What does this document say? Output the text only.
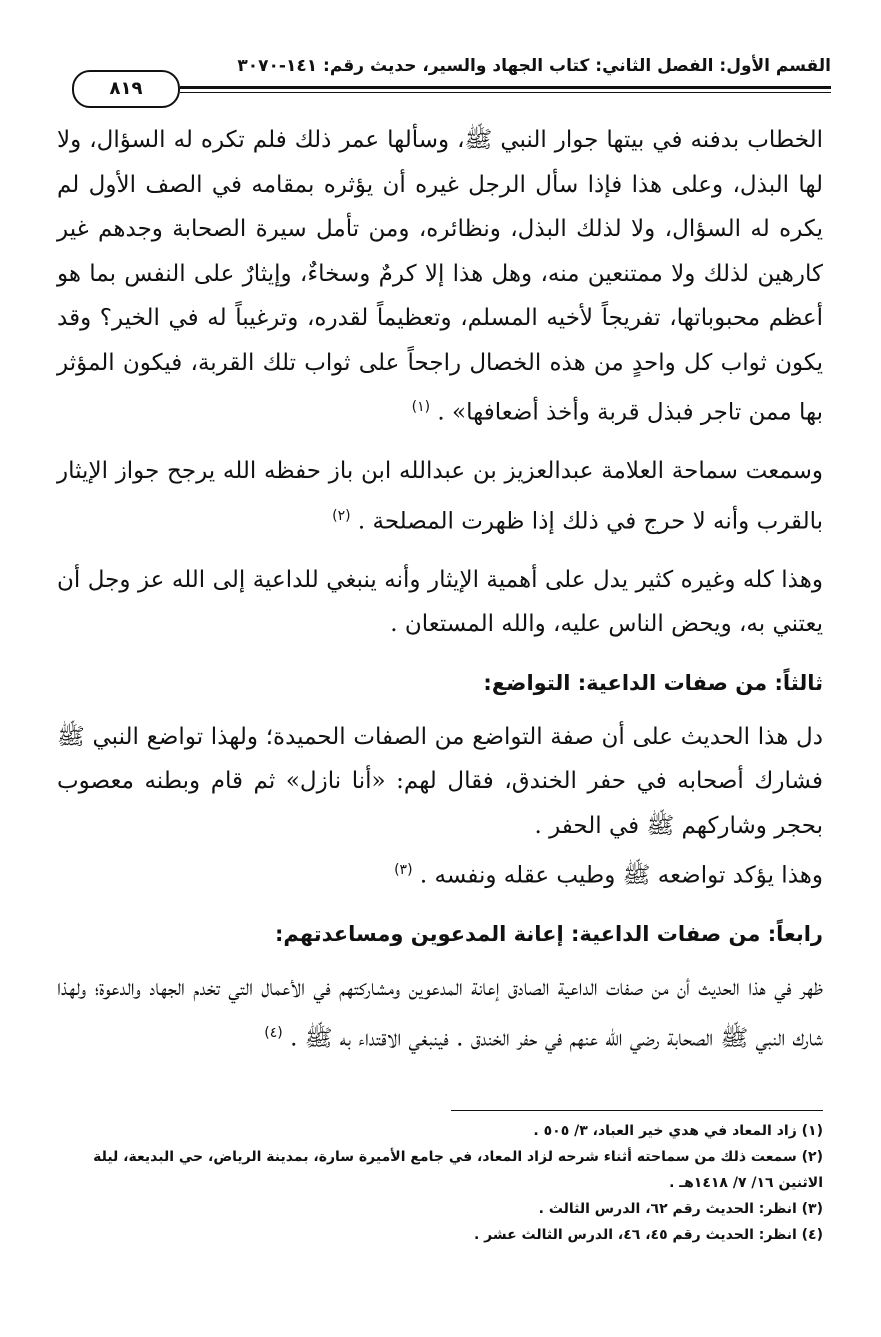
القسم الأول: الفصل الثاني: كتاب الجهاد والسير، حديث رقم: ١٤١-٣٠٧٠
٨١٩

الخطاب بدفنه في بيتها جوار النبي ﷺ، وسألها عمر ذلك فلم تكره له السؤال، ولا لها البذل، وعلى هذا فإذا سأل الرجل غيره أن يؤثره بمقامه في الصف الأول لم يكره له السؤال، ولا لذلك البذل، ونظائره، ومن تأمل سيرة الصحابة وجدهم غير كارهين لذلك ولا ممتنعين منه، وهل هذا إلا كرمٌ وسخاءٌ، وإيثارٌ على النفس بما هو أعظم محبوباتها، تفريجاً لأخيه المسلم، وتعظيماً لقدره، وترغيباً له في الخير؟ وقد يكون ثواب كل واحدٍ من هذه الخصال راجحاً على ثواب تلك القربة، فيكون المؤثر بها ممن تاجر فبذل قربة وأخذ أضعافها» . $^{(١)}$

وسمعت سماحة العلامة عبدالعزيز بن عبدالله ابن باز حفظه الله يرجح جواز الإيثار بالقرب وأنه لا حرج في ذلك إذا ظهرت المصلحة . $^{(٢)}$

وهذا كله وغيره كثير يدل على أهمية الإيثار وأنه ينبغي للداعية إلى الله عز وجل أن يعتني به، ويحض الناس عليه، والله المستعان .

ثالثاً: من صفات الداعية: التواضع:

دل هذا الحديث على أن صفة التواضع من الصفات الحميدة؛ ولهذا تواضع النبي ﷺ فشارك أصحابه في حفر الخندق، فقال لهم: «أنا نازل» ثم قام وبطنه معصوب بحجر وشاركهم ﷺ في الحفر .

وهذا يؤكد تواضعه ﷺ وطيب عقله ونفسه . $^{(٣)}$

رابعاً: من صفات الداعية: إعانة المدعوين ومساعدتهم:

ظهر في هذا الحديث أن من صفات الداعية الصادق إعانة المدعوين ومشاركتهم في الأعمال التي تخدم الجهاد والدعوة؛ ولهذا شارك النبي ﷺ الصحابة رضي الله عنهم في حفر الخندق . فينبغي الاقتداء به ﷺ . $^{(٤)}$

(١) زاد المعاد في هدي خير العباد، ٣/ ٥٠٥ .

(٢) سمعت ذلك من سماحته أثناء شرحه لزاد المعاد، في جامع الأميرة سارة، بمدينة الرياض، حي البديعة، ليلة الاثنين ١٦/ ٧/ ١٤١٨هـ .

(٣) انظر: الحديث رقم ٦٢، الدرس الثالث .

(٤) انظر: الحديث رقم ٤٥، ٤٦، الدرس الثالث عشر .
